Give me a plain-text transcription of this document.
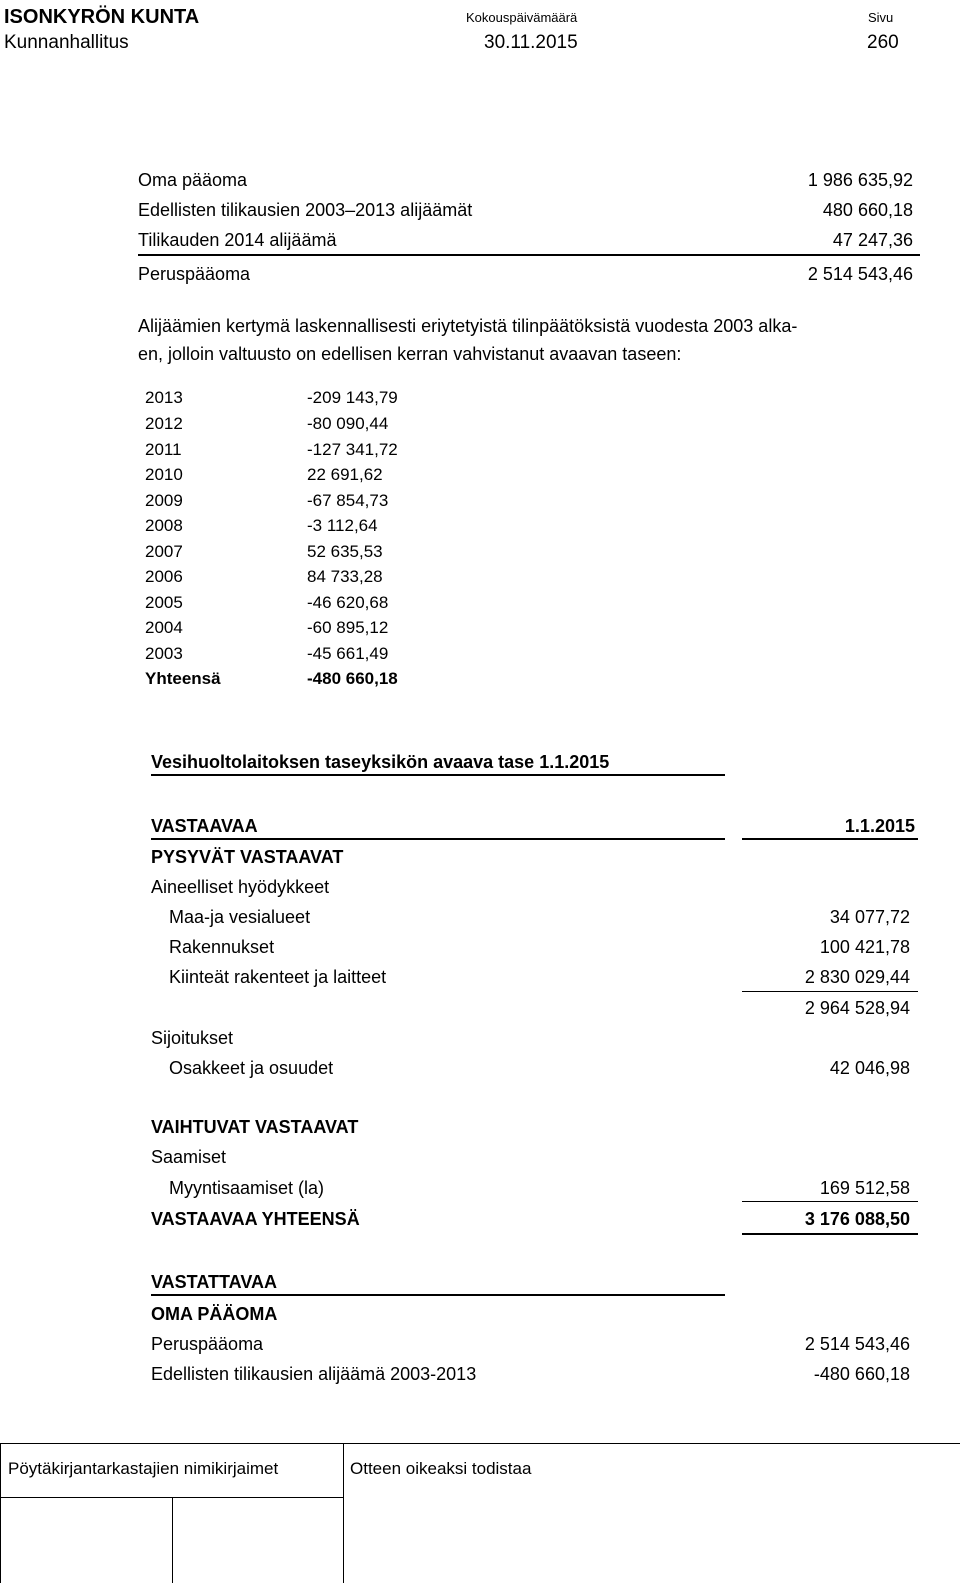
ISONKYRÖN KUNTA	Kokouspäivämäärä	Sivu
Kunnanhallitus	30.11.2015	260
Oma pääoma	1 986 635,92
Edellisten tilikausien 2003–2013 alijäämät	480 660,18
Tilikauden 2014 alijäämä	47 247,36
Peruspääoma	2 514 543,46
Alijäämien kertymä laskennallisesti eriytetyistä tilinpäätöksistä vuodesta 2003 alka-
en, jolloin valtuusto on edellisen kerran vahvistanut avaavan taseen:
2013	-209 143,79
2012	-80 090,44
2011	-127 341,72
2010	22 691,62
2009	-67 854,73
2008	-3 112,64
2007	52 635,53
2006	84 733,28
2005	-46 620,68
2004	-60 895,12
2003	-45 661,49
Yhteensä	-480 660,18
Vesihuoltolaitoksen taseyksikön avaava tase 1.1.2015
VASTAAVAA	1.1.2015
PYSYVÄT VASTAAVAT
Aineelliset hyödykkeet
Maa-ja vesialueet	34 077,72
Rakennukset	100 421,78
Kiinteät rakenteet ja laitteet	2 830 029,44
2 964 528,94
Sijoitukset
Osakkeet ja osuudet	42 046,98
VAIHTUVAT VASTAAVAT
Saamiset
Myyntisaamiset (la)	169 512,58
VASTAAVAA YHTEENSÄ	3 176 088,50
VASTATTAVAA
OMA PÄÄOMA
Peruspääoma	2 514 543,46
Edellisten tilikausien alijäämä 2003-2013	-480 660,18
Pöytäkirjantarkastajien nimikirjaimet	Otteen oikeaksi todistaa
